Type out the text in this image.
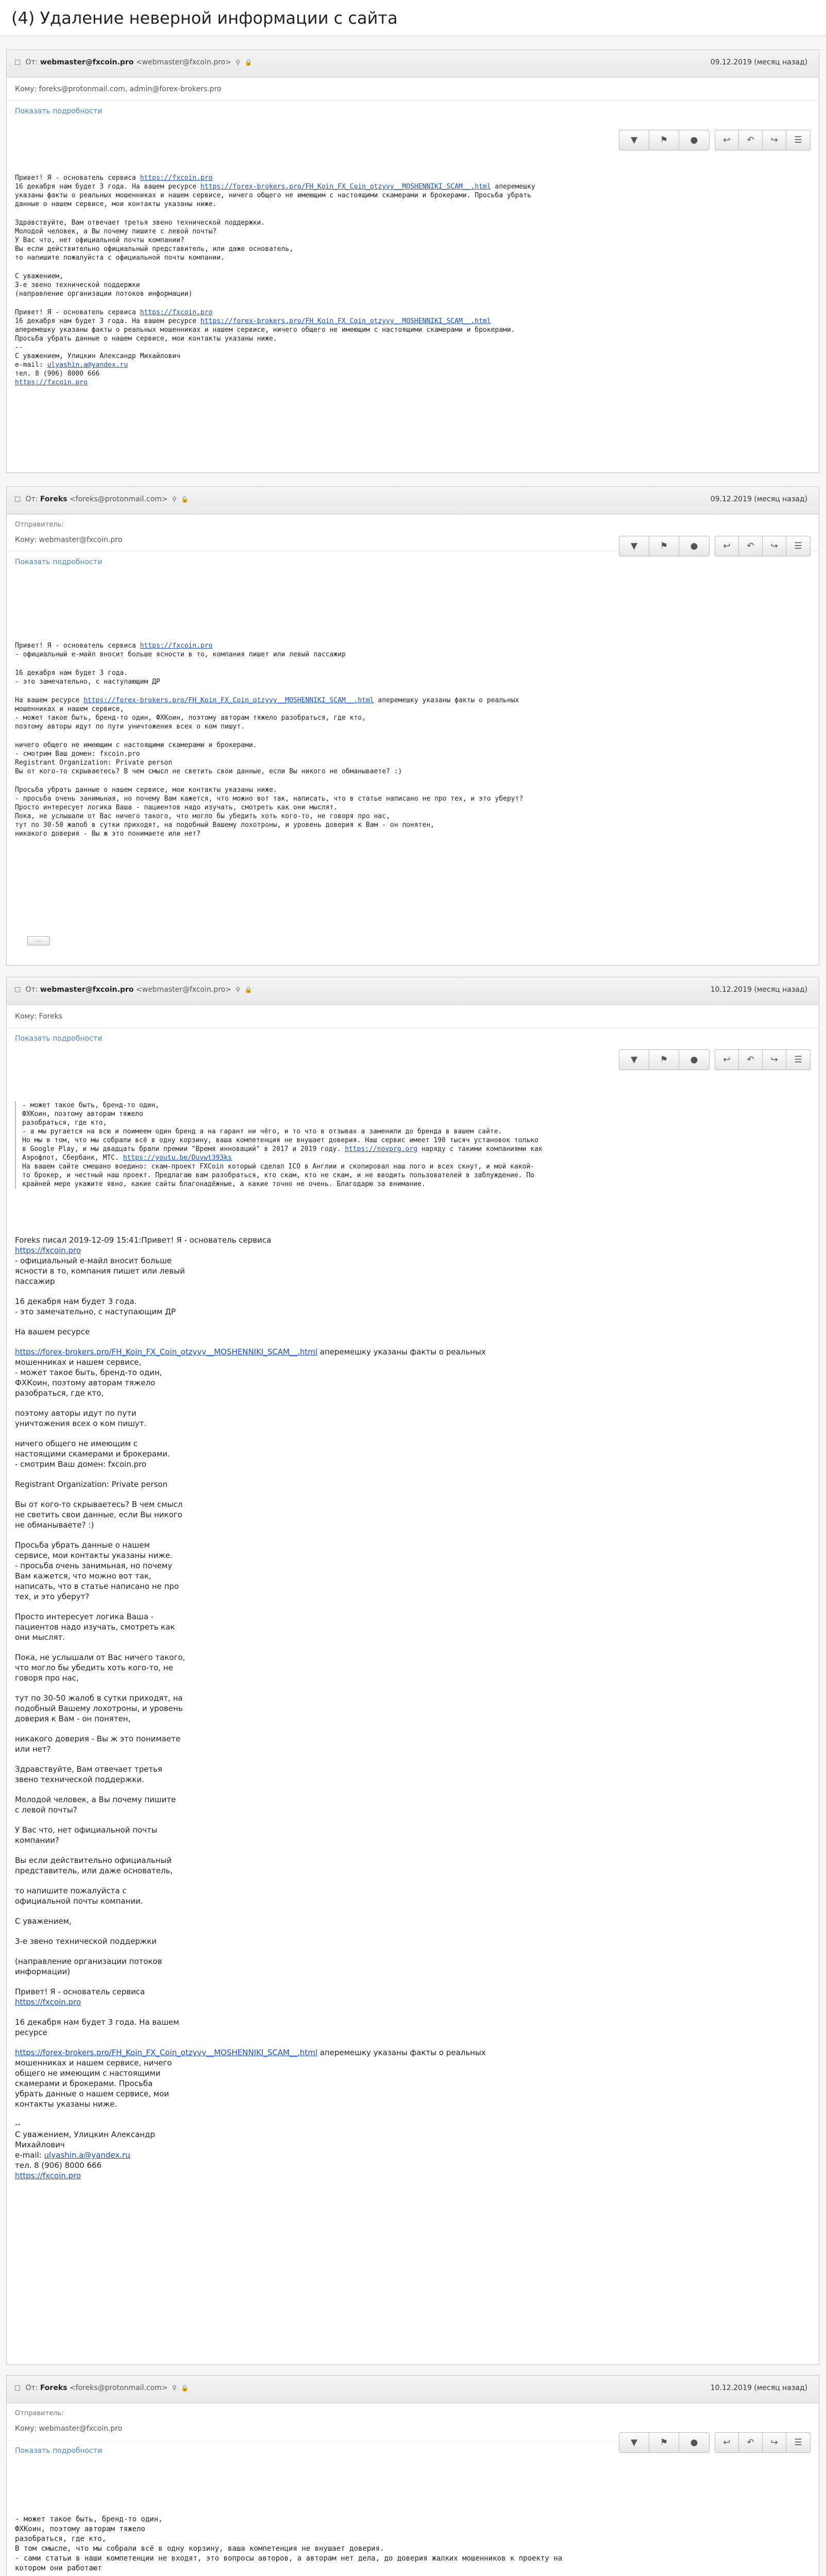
(4) Удаление неверной информации с сайта
От: webmaster@fxcoin.pro <webmaster@fxcoin.pro> ⚲ 🔒	09.12.2019 (месяц назад)
Кому: foreks@protonmail.com, admin@forex-brokers.pro
Показать подробности
▼	⚑	●	↩ ↶ ↪ ☰

Привет! Я - основатель сервиса https://fxcoin.pro

16 декабря нам будет 3 года. На вашем ресурсе https://forex-brokers.pro/FH_Koin_FX_Coin_otzyvy__MOSHENNIKI_SCAM__.html аперемешку

указаны факты о реальных мошенниках и нашем сервисе, ничего общего не имеющим с настоящими скамерами и брокерами. Просьба убрать

данные о нашем сервисе, мои контакты указаны ниже.

Здравствуйте, Вам отвечает третья звено технической поддержки.

Молодой человек, а Вы почему пишите с левой почты?

У Вас что, нет официальной почты компании?

Вы если действительно официальный представитель, или даже основатель,

то напишите пожалуйста с официальной почты компании.

С уважением,

3-е звено технической поддержки

(направление организации потоков информации)

Привет! Я - основатель сервиса https://fxcoin.pro

16 декабря нам будет 3 года. На вашем ресурсе https://forex-brokers.pro/FH_Koin_FX_Coin_otzyvy__MOSHENNIKI_SCAM__.html

аперемешку указаны факты о реальных мошенниках и нашем сервисе, ничего общего не имеющим с настоящими скамерами и брокерами.

Просьба убрать данные о нашем сервисе, мои контакты указаны ниже.

--

С уважением, Улицкин Александр Михайлович

e-mail: ulyashin.a@yandex.ru

тел. 8 (906) 8000 666

https://fxcoin.pro

От: Foreks <foreks@protonmail.com> ⚲ 🔒	09.12.2019 (месяц назад)
Отправитель:
Кому: webmaster@fxcoin.pro
Показать подробности
▼	⚑	●	↩ ↶ ↪ ☰

Привет! Я - основатель сервиса https://fxcoin.pro

- официальный е-майл вносит больше ясности в то, компания пишет или левый пассажир

16 декабря нам будет 3 года.

- это замечательно, с наступающим ДР

На вашем ресурсе https://forex-brokers.pro/FH_Koin_FX_Coin_otzyvy__MOSHENNIKI_SCAM__.html аперемешку указаны факты о реальных

мошенниках и нашем сервисе,

- может такое быть, бренд-то один, ФХКоин, поэтому авторам тяжело разобраться, где кто,

поэтому авторы идут по пути уничтожения всех о ком пишут.

ничего общего не имеющим с настоящими скамерами и брокерами.

- смотрим Ваш домен: fxcoin.pro

Registrant Organization: Private person

Вы от кого-то скрываетесь? В чем смысл не светить свои данные, если Вы никого не обманываете? :)

Просьба убрать данные о нашем сервисе, мои контакты указаны ниже.

- просьба очень занимьная, но почему Вам кажется, что можно вот так, написать, что в статье написано не про тех, и это уберут?

Просто интересует логика Ваша - пациентов надо изучать, смотреть как они мыслят.

Пока, не услышали от Вас ничего такого, что могло бы убедить хоть кого-то, не говоря про нас,

тут по 30-50 жалоб в сутки приходят, на подобный Вашему лохотроны, и уровень доверия к Вам - он понятен,

никакого доверия - Вы ж это понимаете или нет?

...
От: webmaster@fxcoin.pro <webmaster@fxcoin.pro> ⚲ 🔒	10.12.2019 (месяц назад)
Кому: Foreks
Показать подробности
▼	⚑	●	↩ ↶ ↪ ☰

- может такое быть, бренд-то один,

ФХКоин, поэтому авторам тяжело

разобраться, где кто,

- а мы ругается на всю и поимеем один бренд а на гарант ни чёго, и то что в отзывах а заменили до бренда в вашем сайте.

Но мы в том, что мы собрали всё в одну корзину, ваша компетенция не внушает доверия. Наш сервис имеет 190 тысяч установок только

в Google Play, и мы двадцать брали премии "Время инноваций" в 2017 и 2019 году. https://novprg.org наряду с такими компаниями как

Аэрофлот, Сбербанк, МТС. https://youtu.be/Duvwt393ks

На вашем сайте смешано воедино: скам-проект FXCoin который сделал ICO в Англии и скопировал наш лого и всех скнут, и мой какой-

то брокер, и честный наш проект. Предлагаю вам разобраться, кто скам, кто не скам, и не вводить пользователей в заблуждение. По

крайней мере укажите явно, какие сайты благонадёжные, а какие точно не очень. Благодарю за внимание.

Foreks писал 2019-12-09 15:41:Привет! Я - основатель сервиса

https://fxcoin.pro

- официальный е-майл вносит больше

ясности в то, компания пишет или левый

пассажир

16 декабря нам будет 3 года.

- это замечательно, с наступающим ДР

На вашем ресурсе

https://forex-brokers.pro/FH_Koin_FX_Coin_otzyvy__MOSHENNIKI_SCAM__.html аперемешку указаны факты о реальных

мошенниках и нашем сервисе,

- может такое быть, бренд-то один,

ФХКоин, поэтому авторам тяжело

разобраться, где кто,

поэтому авторы идут по пути

уничтожения всех о ком пишут.

ничего общего не имеющим с

настоящими скамерами и брокерами.

- смотрим Ваш домен: fxcoin.pro

Registrant Organization: Private person

Вы от кого-то скрываетесь? В чем смысл

не светить свои данные, если Вы никого

не обманываете? :)

Просьба убрать данные о нашем

сервисе, мои контакты указаны ниже.

- просьба очень занимьная, но почему

Вам кажется, что можно вот так,

написать, что в статье написано не про

тех, и это уберут?

Просто интересует логика Ваша -

пациентов надо изучать, смотреть как

они мыслят.

Пока, не услышали от Вас ничего такого,

что могло бы убедить хоть кого-то, не

говоря про нас,

тут по 30-50 жалоб в сутки приходят, на

подобный Вашему лохотроны, и уровень

доверия к Вам - он понятен,

никакого доверия - Вы ж это понимаете

или нет?

Здравствуйте, Вам отвечает третья

звено технической поддержки.

Молодой человек, а Вы почему пишите

с левой почты?

У Вас что, нет официальной почты

компании?

Вы если действительно официальный

представитель, или даже основатель,

то напишите пожалуйста с

официальной почты компании.

С уважением,

3-е звено технической поддержки

(направление организации потоков

информации)

Привет! Я - основатель сервиса

https://fxcoin.pro

16 декабря нам будет 3 года. На вашем

ресурсе

https://forex-brokers.pro/FH_Koin_FX_Coin_otzyvy__MOSHENNIKI_SCAM__.html аперемешку указаны факты о реальных

мошенниках и нашем сервисе, ничего

общего не имеющим с настоящими

скамерами и брокерами. Просьба

убрать данные о нашем сервисе, мои

контакты указаны ниже.

--

С уважением, Улицкин Александр

Михайлович

e-mail: ulyashin.a@yandex.ru

тел. 8 (906) 8000 666

https://fxcoin.pro

От: Foreks <foreks@protonmail.com> ⚲ 🔒	10.12.2019 (месяц назад)
Отправитель:
Кому: webmaster@fxcoin.pro
Показать подробности
▼	⚑	●	↩ ↶ ↪ ☰

- может такое быть, бренд-то один,

ФХКоин, поэтому авторам тяжело

разобраться, где кто,

В том смысле, что мы собрали всё в одну корзину, ваша компетенция не внушает доверия.

- сами статьи в наши компетенции не входят, это вопросы авторов, а авторам нет дела, до доверия жалких мошенников к проекту на

котором они работают
